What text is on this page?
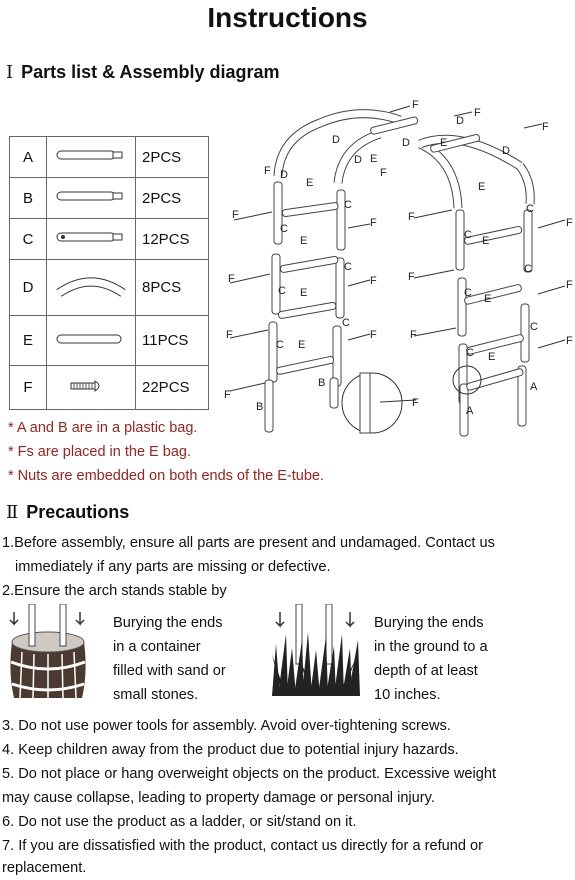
Instructions
Ⅰ Parts list & Assembly diagram
A		2PCS
B		2PCS
C		12PCS
D		8PCS
E		11PCS
F		22PCS
* A and B are in a plastic bag.
* Fs are placed in the E bag.
* Nuts are embedded on both ends of the E-tube.
D
D
D
D
D
D
E
E
E
E
E
E
E
E
E
E
C
C
C
C
C
C
C
C
C
C
C
C
B
B
A
A
F
F
F
F
F
F
F
F
F
F
F
F
F
F
F
F
F
F
F
Ⅱ Precautions
1.Before assembly, ensure all parts are present and undamaged. Contact us
immediately if any parts are missing or defective.
2.Ensure the arch stands stable by
Burying the ends
in a container
filled with sand or
small stones.
Burying the ends
in the ground to a
depth of at least
10 inches.
3. Do not use power tools for assembly. Avoid over-tightening screws.
4. Keep children away from the product due to potential injury hazards.
5. Do not place or hang overweight objects on the product. Excessive weight
may cause collapse, leading to property damage or personal injury.
6. Do not use the product as a ladder, or sit/stand on it.
7. If you are dissatisfied with the product, contact us directly for a refund or
replacement.
